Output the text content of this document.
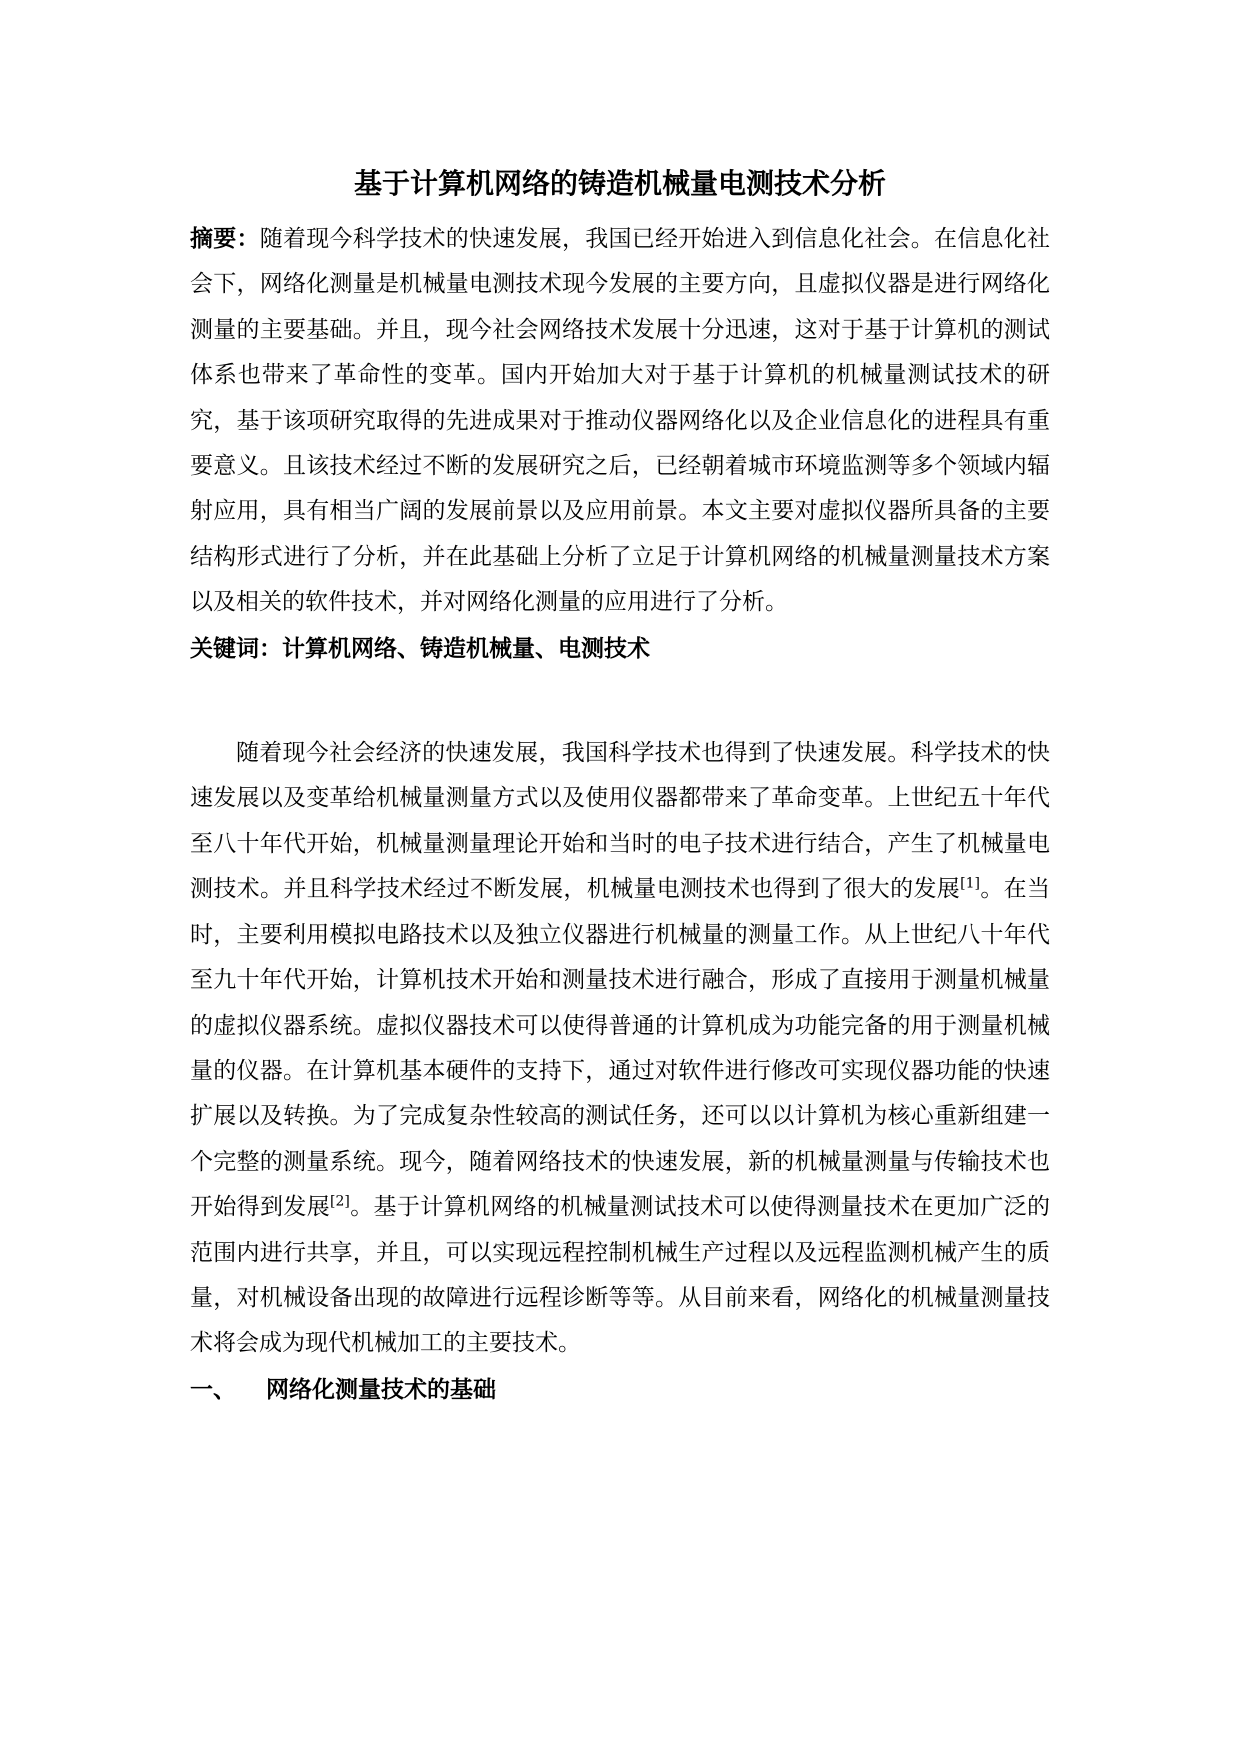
基于计算机网络的铸造机械量电测技术分析

摘要：随着现今科学技术的快速发展，我国已经开始进入到信息化社会。在信息化社会下，网络化测量是机械量电测技术现今发展的主要方向，且虚拟仪器是进行网络化测量的主要基础。并且，现今社会网络技术发展十分迅速，这对于基于计算机的测试体系也带来了革命性的变革。国内开始加大对于基于计算机的机械量测试技术的研究，基于该项研究取得的先进成果对于推动仪器网络化以及企业信息化的进程具有重要意义。且该技术经过不断的发展研究之后，已经朝着城市环境监测等多个领域内辐射应用，具有相当广阔的发展前景以及应用前景。本文主要对虚拟仪器所具备的主要结构形式进行了分析，并在此基础上分析了立足于计算机网络的机械量测量技术方案以及相关的软件技术，并对网络化测量的应用进行了分析。

关键词：计算机网络、铸造机械量、电测技术

随着现今社会经济的快速发展，我国科学技术也得到了快速发展。科学技术的快速发展以及变革给机械量测量方式以及使用仪器都带来了革命变革。上世纪五十年代至八十年代开始，机械量测量理论开始和当时的电子技术进行结合，产生了机械量电测技术。并且科学技术经过不断发展，机械量电测技术也得到了很大的发展[1]。在当时，主要利用模拟电路技术以及独立仪器进行机械量的测量工作。从上世纪八十年代至九十年代开始，计算机技术开始和测量技术进行融合，形成了直接用于测量机械量的虚拟仪器系统。虚拟仪器技术可以使得普通的计算机成为功能完备的用于测量机械量的仪器。在计算机基本硬件的支持下，通过对软件进行修改可实现仪器功能的快速扩展以及转换。为了完成复杂性较高的测试任务，还可以以计算机为核心重新组建一个完整的测量系统。现今，随着网络技术的快速发展，新的机械量测量与传输技术也开始得到发展[2]。基于计算机网络的机械量测试技术可以使得测量技术在更加广泛的范围内进行共享，并且，可以实现远程控制机械生产过程以及远程监测机械产生的质量，对机械设备出现的故障进行远程诊断等等。从目前来看，网络化的机械量测量技术将会成为现代机械加工的主要技术。

一、	网络化测量技术的基础
